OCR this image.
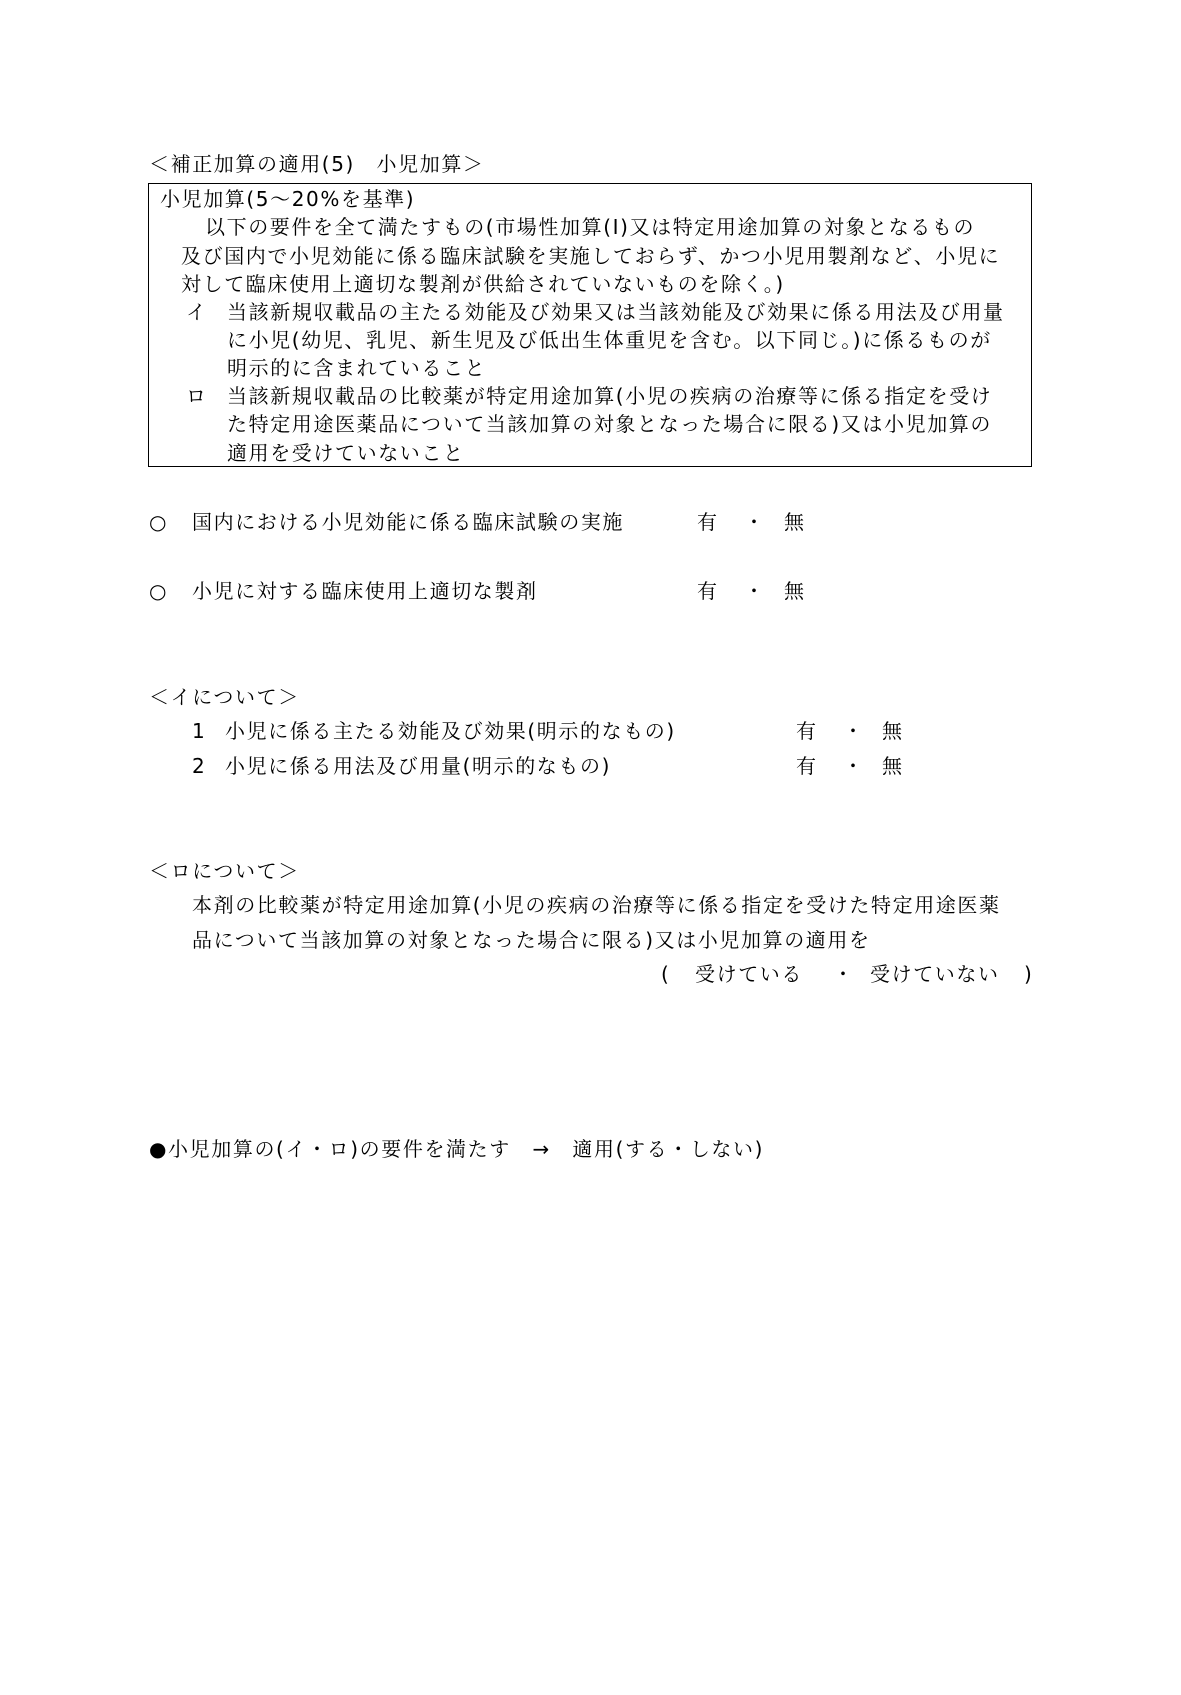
＜補正加算の適用(5)　小児加算＞
小児加算(5～20%を基準)
以下の要件を全て満たすもの(市場性加算(Ⅰ)又は特定用途加算の対象となるもの
及び国内で小児効能に係る臨床試験を実施しておらず、かつ小児用製剤など、小児に
対して臨床使用上適切な製剤が供給されていないものを除く。)
イ 当該新規収載品の主たる効能及び効果又は当該効能及び効果に係る用法及び用量
に小児(幼児、乳児、新生児及び低出生体重児を含む。以下同じ。)に係るものが
明示的に含まれていること
ロ 当該新規収載品の比較薬が特定用途加算(小児の疾病の治療等に係る指定を受け
た特定用途医薬品について当該加算の対象となった場合に限る)又は小児加算の
適用を受けていないこと
○ 国内における小児効能に係る臨床試験の実施	有 ・ 無
○ 小児に対する臨床使用上適切な製剤	有 ・ 無
＜イについて＞
1 小児に係る主たる効能及び効果(明示的なもの)	有 ・ 無
2 小児に係る用法及び用量(明示的なもの)	有 ・ 無
＜ロについて＞
本剤の比較薬が特定用途加算(小児の疾病の治療等に係る指定を受けた特定用途医薬
品について当該加算の対象となった場合に限る)又は小児加算の適用を
( 受けている ・ 受けていない )
●小児加算の(イ・ロ)の要件を満たす　→　適用(する・しない)
